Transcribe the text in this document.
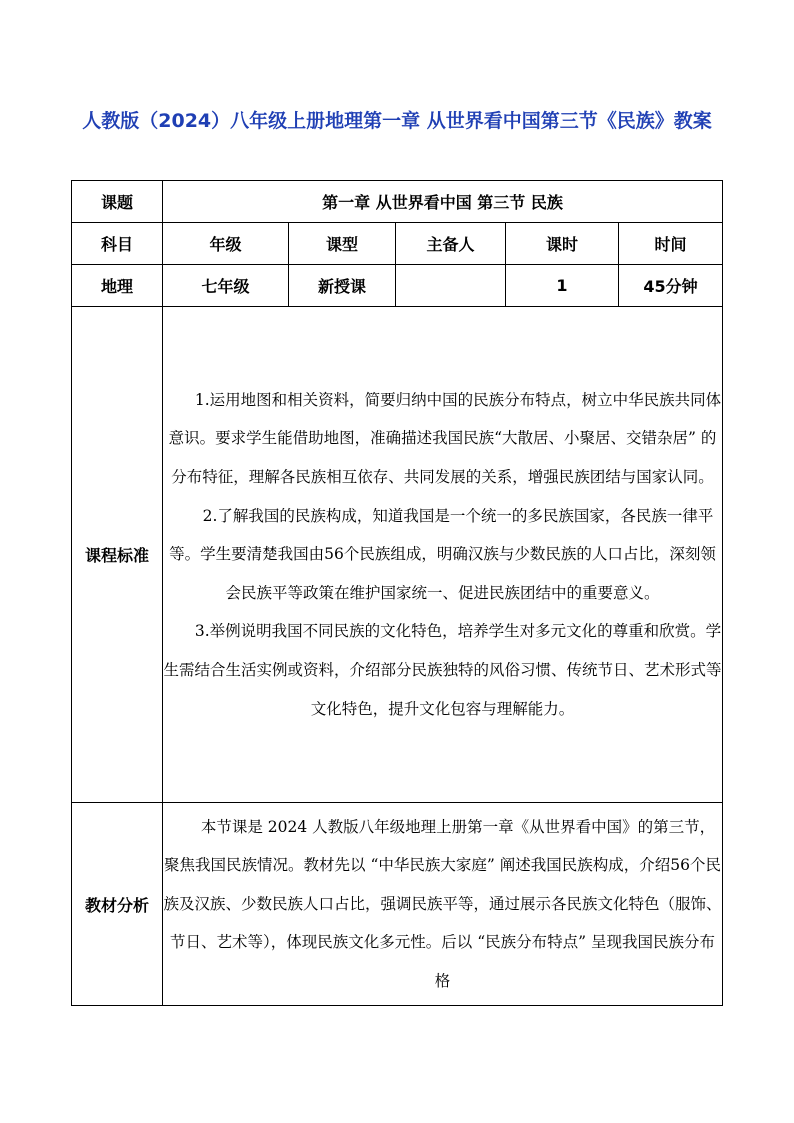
人教版（2024）八年级上册地理第一章 从世界看中国第三节《民族》教案
课题	第一章 从世界看中国 第三节 民族				
科目	年级	课型	主备人	课时	时间
地理	七年级	新授课		1	45分钟
课程标准	1.运用地图和相关资料，简要归纳中国的民族分布特点，树立中华民族共同体意识。要求学生能借助地图，准确描述我国民族“大散居、小聚居、交错杂居” 的分布特征，理解各民族相互依存、共同发展的关系，增强民族团结与国家认同。

2.了解我国的民族构成，知道我国是一个统一的多民族国家，各民族一律平等。学生要清楚我国由56个民族组成，明确汉族与少数民族的人口占比，深刻领会民族平等政策在维护国家统一、促进民族团结中的重要意义。

3.举例说明我国不同民族的文化特色，培养学生对多元文化的尊重和欣赏。学生需结合生活实例或资料，介绍部分民族独特的风俗习惯、传统节日、艺术形式等文化特色，提升文化包容与理解能力。				

教材分析	本节课是 2024 人教版八年级地理上册第一章《从世界看中国》的第三节，聚焦我国民族情况。教材先以 “中华民族大家庭” 阐述我国民族构成，介绍56个民族及汉族、少数民族人口占比，强调民族平等，通过展示各民族文化特色（服饰、节日、艺术等），体现民族文化多元性。后以 “民族分布特点” 呈现我国民族分布格				
